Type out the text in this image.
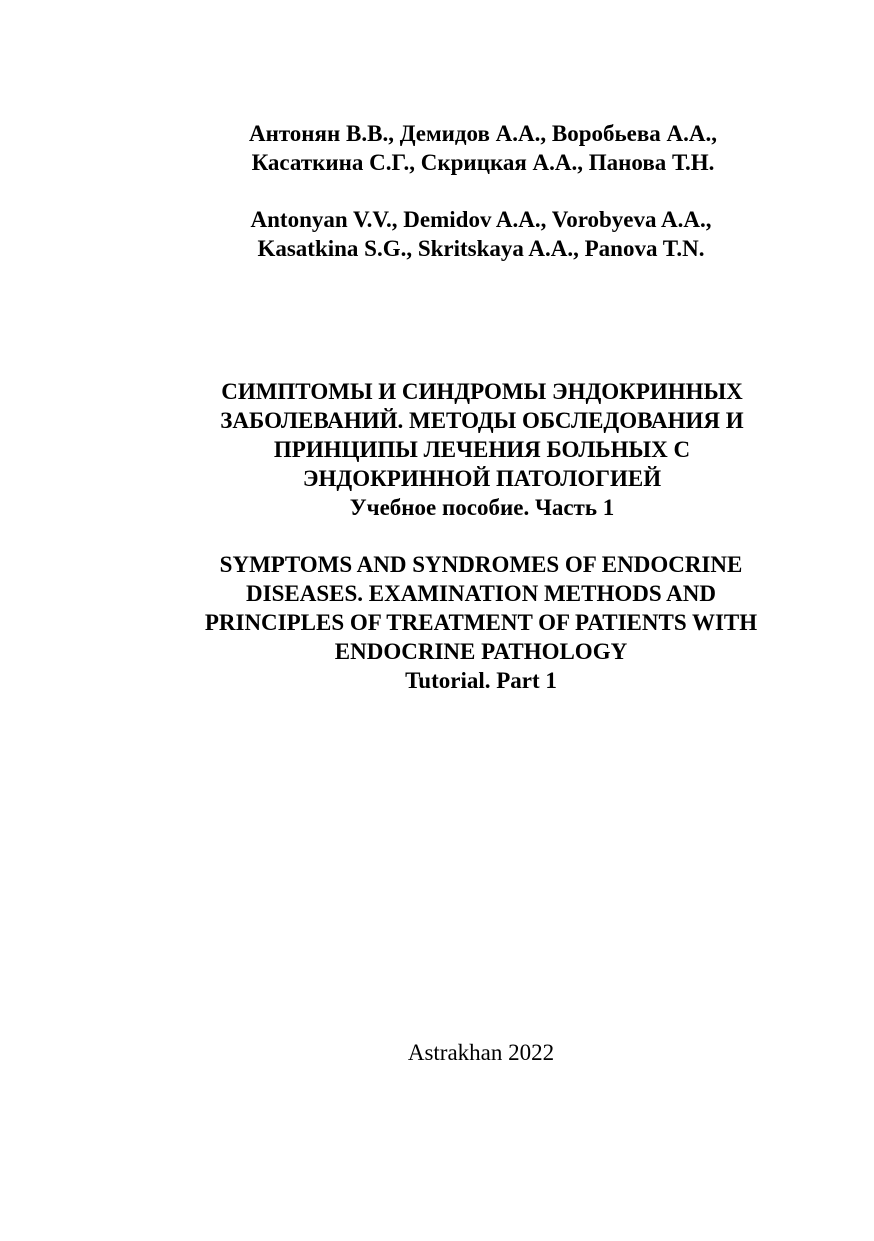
Антонян В.В., Демидов А.А., Воробьева А.А.,
Касаткина С.Г., Скрицкая А.А., Панова Т.Н.
Antonyan V.V., Demidov A.A., Vorobyeva A.A.,
Kasatkina S.G., Skritskaya A.A., Panova T.N.
СИМПТОМЫ И СИНДРОМЫ ЭНДОКРИННЫХ
ЗАБОЛЕВАНИЙ. МЕТОДЫ ОБСЛЕДОВАНИЯ И
ПРИНЦИПЫ ЛЕЧЕНИЯ БОЛЬНЫХ С
ЭНДОКРИННОЙ ПАТОЛОГИЕЙ
Учебное пособие. Часть 1
SYMPTOMS AND SYNDROMES OF ENDOCRINE
DISEASES. EXAMINATION METHODS AND
PRINCIPLES OF TREATMENT OF PATIENTS WITH
ENDOCRINE PATHOLOGY
Tutorial. Part 1
Astrakhan 2022
